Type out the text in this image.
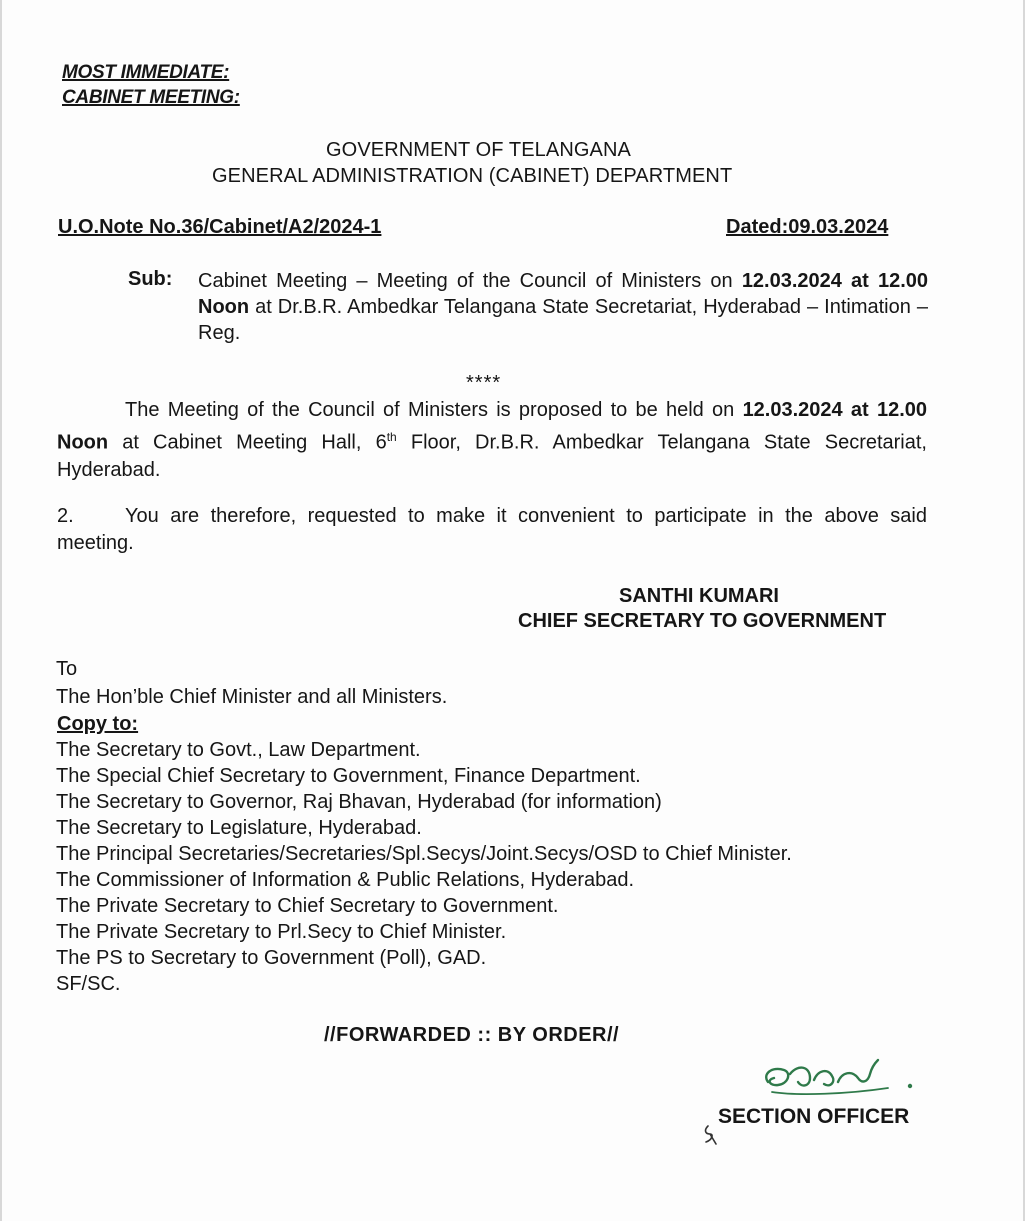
MOST IMMEDIATE:
CABINET MEETING:
GOVERNMENT OF TELANGANA
GENERAL ADMINISTRATION (CABINET) DEPARTMENT
U.O.Note No.36/Cabinet/A2/2024-1	Dated:09.03.2024
Sub: Cabinet Meeting – Meeting of the Council of Ministers on 12.03.2024 at 12.00 Noon at Dr.B.R. Ambedkar Telangana State Secretariat, Hyderabad – Intimation – Reg.
****
The Meeting of the Council of Ministers is proposed to be held on 12.03.2024 at 12.00 Noon at Cabinet Meeting Hall, 6th Floor, Dr.B.R. Ambedkar Telangana State Secretariat, Hyderabad.
2.	You are therefore, requested to make it convenient to participate in the above said meeting.
SANTHI KUMARI
CHIEF SECRETARY TO GOVERNMENT
To
The Hon’ble Chief Minister and all Ministers.
Copy to:
The Secretary to Govt., Law Department.
The Special Chief Secretary to Government, Finance Department.
The Secretary to Governor, Raj Bhavan, Hyderabad (for information)
The Secretary to Legislature, Hyderabad.
The Principal Secretaries/Secretaries/Spl.Secys/Joint.Secys/OSD to Chief Minister.
The Commissioner of Information & Public Relations, Hyderabad.
The Private Secretary to Chief Secretary to Government.
The Private Secretary to Prl.Secy to Chief Minister.
The PS to Secretary to Government (Poll), GAD.
SF/SC.
//FORWARDED :: BY ORDER//
SECTION OFFICER
